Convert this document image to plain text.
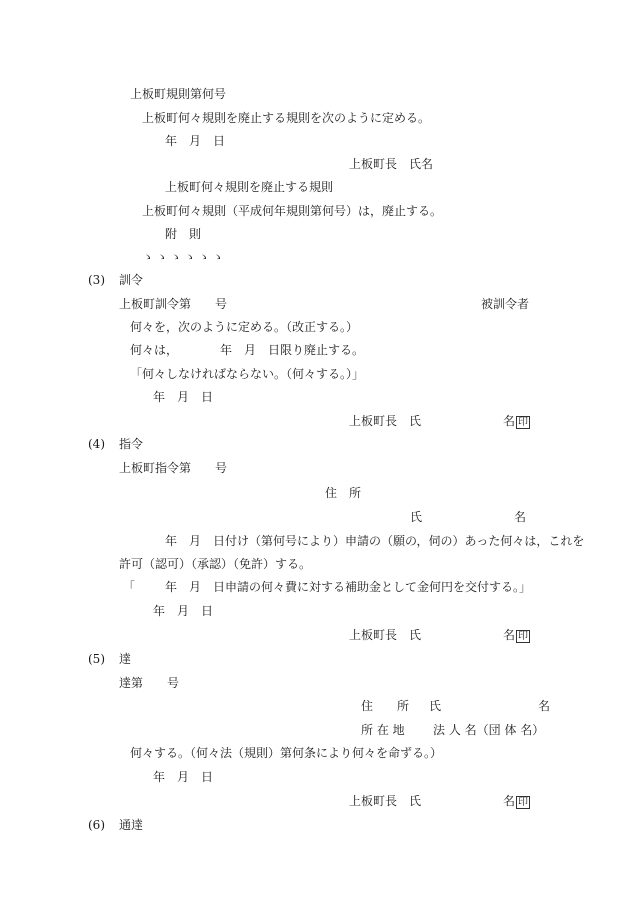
上板町規則第何号
上板町何々規則を廃止する規則を次のように定める。
年　月　日
上板町長　氏名
上板町何々規則を廃止する規則
上板町何々規則（平成何年規則第何号）は，廃止する。
附　則
ゝゝゝゝゝゝ
(3) 訓令
上板町訓令第　　号	被訓令者
何々を，次のように定める。（改正する。）
何々は，　　　　年　月　日限り廃止する。
「何々しなければならない。（何々する。）」
年　月　日
上板町長　氏	名 印
(4) 指令
上板町指令第　　号
住　所
氏	名
年　月　日付け（第何号により）申請の（願の，伺の）あった何々は，これを
許可（認可）（承認）（免許）する。
「 年　月　日申請の何々費に対する補助金として金何円を交付する。」
年　月　日
上板町長　氏	名 印
(5) 達
達第　　号
住　　所 氏	名
所 在 地 法 人 名（団 体 名）
何々する。（何々法（規則）第何条により何々を命ずる。）
年　月　日
上板町長　氏	名 印
(6) 通達
